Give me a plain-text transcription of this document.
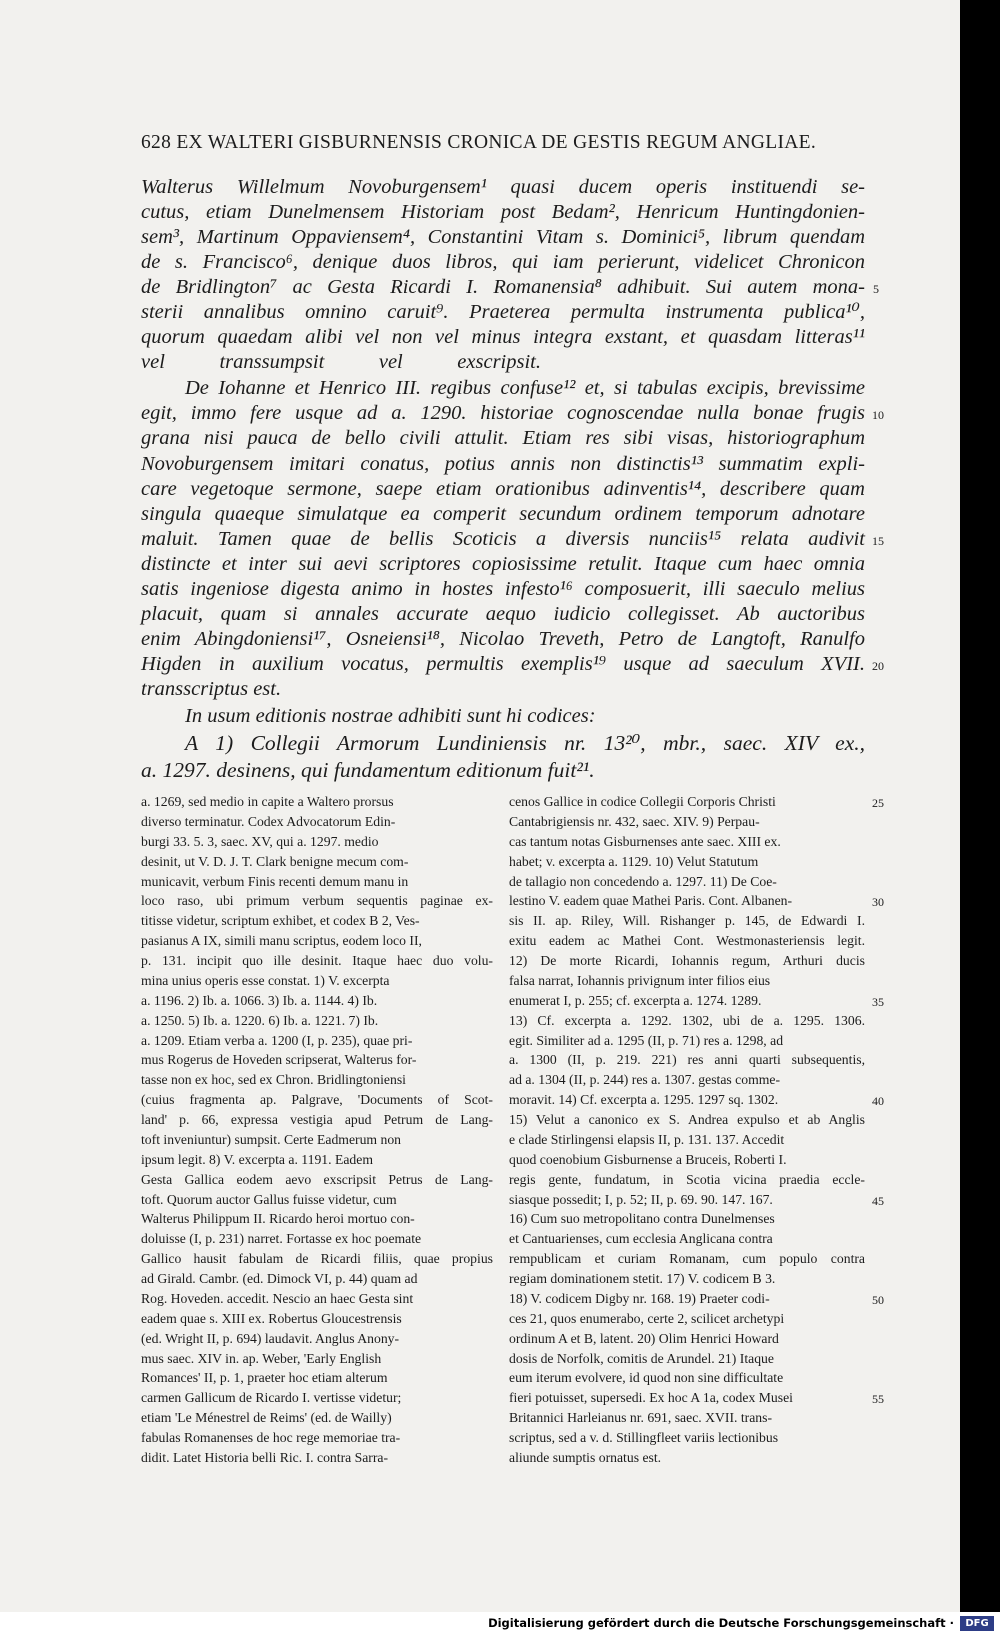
628 EX WALTERI GISBURNENSIS CRONICA DE GESTIS REGUM ANGLIAE.
Walterus Willelmum Novoburgensem¹ quasi ducem operis instituendi se-
cutus, etiam Dunelmensem Historiam post Bedam², Henricum Huntingdonien-
sem³, Martinum Oppaviensem⁴, Constantini Vitam s. Dominici⁵, librum quendam
de s. Francisco⁶, denique duos libros, qui iam perierunt, videlicet Chronicon
de Bridlington⁷ ac Gesta Ricardi I. Romanensia⁸ adhibuit. Sui autem mona-
sterii annalibus omnino caruit⁹. Praeterea permulta instrumenta publica¹⁰,
quorum quaedam alibi vel non vel minus integra exstant, et quasdam litteras¹¹
vel transsumpsit vel exscripsit.
De Iohanne et Henrico III. regibus confuse¹² et, si tabulas excipis, brevissime
egit, immo fere usque ad a. 1290. historiae cognoscendae nulla bonae frugis
grana nisi pauca de bello civili attulit. Etiam res sibi visas, historiographum
Novoburgensem imitari conatus, potius annis non distinctis¹³ summatim expli-
care vegetoque sermone, saepe etiam orationibus adinventis¹⁴, describere quam
singula quaeque simulatque ea comperit secundum ordinem temporum adnotare
maluit. Tamen quae de bellis Scoticis a diversis nunciis¹⁵ relata audivit
distincte et inter sui aevi scriptores copiosissime retulit. Itaque cum haec omnia
satis ingeniose digesta animo in hostes infesto¹⁶ composuerit, illi saeculo melius
placuit, quam si annales accurate aequo iudicio collegisset. Ab auctoribus
enim Abingdoniensi¹⁷, Osneiensi¹⁸, Nicolao Treveth, Petro de Langtoft, Ranulfo
Higden in auxilium vocatus, permultis exemplis¹⁹ usque ad saeculum XVII.
transscriptus est.
In usum editionis nostrae adhibiti sunt hi codices:
A 1) Collegii Armorum Lundiniensis nr. 13²⁰, mbr., saec. XIV ex.,
a. 1297. desinens, qui fundamentum editionum fuit²¹.
a. 1269, sed medio in capite a Waltero prorsus
diverso terminatur. Codex Advocatorum Edin-
burgi 33. 5. 3, saec. XV, qui a. 1297. medio
desinit, ut V. D. J. T. Clark benigne mecum com-
municavit, verbum Finis recenti demum manu in
loco raso, ubi primum verbum sequentis paginae ex-
titisse videtur, scriptum exhibet, et codex B 2, Ves-
pasianus A IX, simili manu scriptus, eodem loco II,
p. 131. incipit quo ille desinit. Itaque haec duo volu-
mina unius operis esse constat. 1) V. excerpta
a. 1196. 2) Ib. a. 1066. 3) Ib. a. 1144. 4) Ib.
a. 1250. 5) Ib. a. 1220. 6) Ib. a. 1221. 7) Ib.
a. 1209. Etiam verba a. 1200 (I, p. 235), quae pri-
mus Rogerus de Hoveden scripserat, Walterus for-
tasse non ex hoc, sed ex Chron. Bridlingtoniensi
(cuius fragmenta ap. Palgrave, 'Documents of Scot-
land' p. 66, expressa vestigia apud Petrum de Lang-
toft inveniuntur) sumpsit. Certe Eadmerum non
ipsum legit. 8) V. excerpta a. 1191. Eadem
Gesta Gallica eodem aevo exscripsit Petrus de Lang-
toft. Quorum auctor Gallus fuisse videtur, cum
Walterus Philippum II. Ricardo heroi mortuo con-
doluisse (I, p. 231) narret. Fortasse ex hoc poemate
Gallico hausit fabulam de Ricardi filiis, quae propius
ad Girald. Cambr. (ed. Dimock VI, p. 44) quam ad
Rog. Hoveden. accedit. Nescio an haec Gesta sint
eadem quae s. XIII ex. Robertus Gloucestrensis
(ed. Wright II, p. 694) laudavit. Anglus Anony-
mus saec. XIV in. ap. Weber, 'Early English
Romances' II, p. 1, praeter hoc etiam alterum
carmen Gallicum de Ricardo I. vertisse videtur;
etiam 'Le Ménestrel de Reims' (ed. de Wailly)
fabulas Romanenses de hoc rege memoriae tra-
didit. Latet Historia belli Ric. I. contra Sarra-
cenos Gallice in codice Collegii Corporis Christi
Cantabrigiensis nr. 432, saec. XIV. 9) Perpau-
cas tantum notas Gisburnenses ante saec. XIII ex.
habet; v. excerpta a. 1129. 10) Velut Statutum
de tallagio non concedendo a. 1297. 11) De Coe-
lestino V. eadem quae Mathei Paris. Cont. Albanen-
sis II. ap. Riley, Will. Rishanger p. 145, de Edwardi I.
exitu eadem ac Mathei Cont. Westmonasteriensis legit.
12) De morte Ricardi, Iohannis regum, Arthuri ducis
falsa narrat, Iohannis privignum inter filios eius
enumerat I, p. 255; cf. excerpta a. 1274. 1289.
13) Cf. excerpta a. 1292. 1302, ubi de a. 1295. 1306.
egit. Similiter ad a. 1295 (II, p. 71) res a. 1298, ad
a. 1300 (II, p. 219. 221) res anni quarti subsequentis,
ad a. 1304 (II, p. 244) res a. 1307. gestas comme-
moravit. 14) Cf. excerpta a. 1295. 1297 sq. 1302.
15) Velut a canonico ex S. Andrea expulso et ab Anglis
e clade Stirlingensi elapsis II, p. 131. 137. Accedit
quod coenobium Gisburnense a Bruceis, Roberti I.
regis gente, fundatum, in Scotia vicina praedia eccle-
siasque possedit; I, p. 52; II, p. 69. 90. 147. 167.
16) Cum suo metropolitano contra Dunelmenses
et Cantuarienses, cum ecclesia Anglicana contra
rempublicam et curiam Romanam, cum populo contra
regiam dominationem stetit. 17) V. codicem B 3.
18) V. codicem Digby nr. 168. 19) Praeter codi-
ces 21, quos enumerabo, certe 2, scilicet archetypi
ordinum A et B, latent. 20) Olim Henrici Howard
dosis de Norfolk, comitis de Arundel. 21) Itaque
eum iterum evolvere, id quod non sine difficultate
fieri potuisset, supersedi. Ex hoc A 1a, codex Musei
Britannici Harleianus nr. 691, saec. XVII. trans-
scriptus, sed a v. d. Stillingfleet variis lectionibus
aliunde sumptis ornatus est.
25
30
35
40
45
50
55
5
10
15
20
Digitalisierung gefördert durch die Deutsche Forschungsgemeinschaft ·	DFG
